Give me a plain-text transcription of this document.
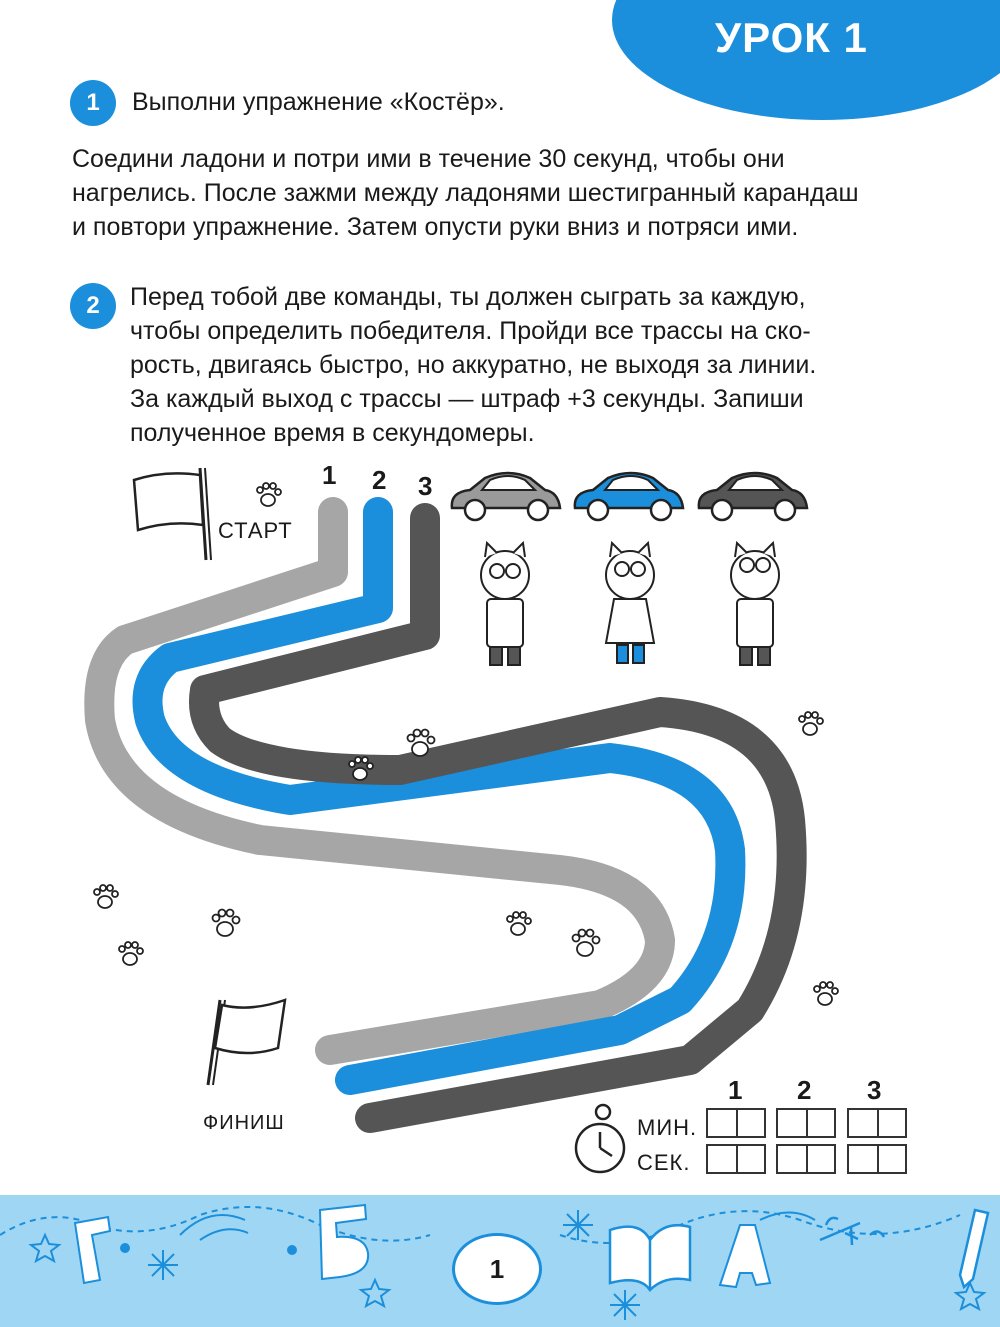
УРОК 1
1	Выполни упражнение «Костёр».
Соедини ладони и потри ими в течение 30 секунд, чтобы они
нагрелись. После зажми между ладонями шестигранный карандаш
и повтори упражнение. Затем опусти руки вниз и потряси ими.
2	Перед тобой две команды, ты должен сыграть за каждую,
чтобы определить победителя. Пройди все трассы на ско-
рость, двигаясь быстро, но аккуратно, не выходя за линии.
За каждый выход с трассы — штраф +3 секунды. Запиши
полученное время в секундомеры.
1 2 3
СТАРТ
ФИНИШ
1 2 3
МИН.
СЕК.
1
